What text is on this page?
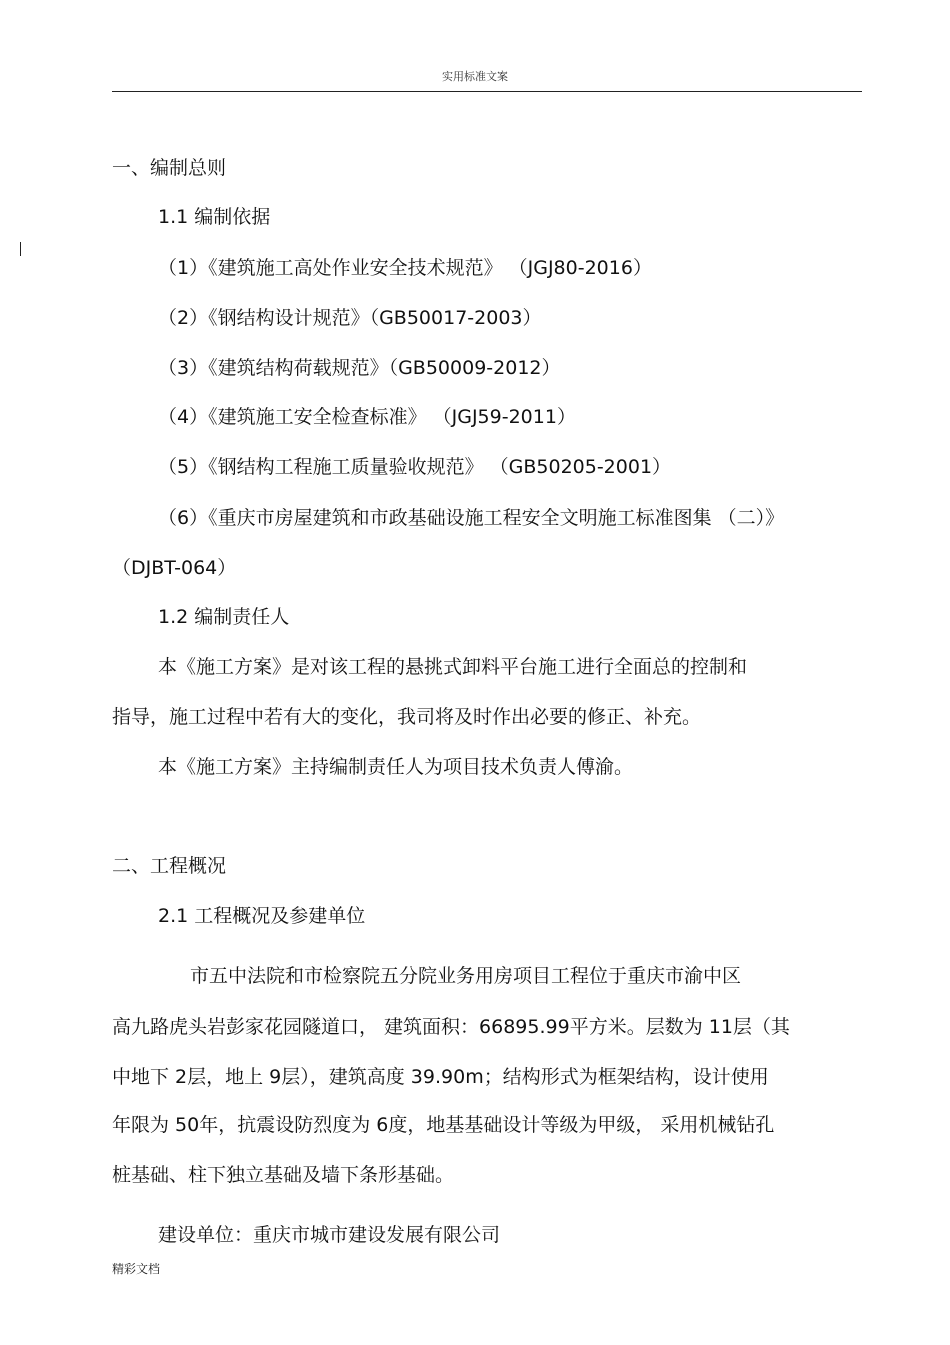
实用标准文案
一、编制总则
1.1 编制依据
（1）《建筑施工高处作业安全技术规范》 （JGJ80-2016）
（2）《钢结构设计规范》（GB50017-2003）
（3）《建筑结构荷载规范》（GB50009-2012）
（4）《建筑施工安全检查标准》 （JGJ59-2011）
（5）《钢结构工程施工质量验收规范》 （GB50205-2001）
（6）《重庆市房屋建筑和市政基础设施工程安全文明施工标准图集 （二）》
（DJBT-064）
1.2 编制责任人
本《施工方案》是对该工程的悬挑式卸料平台施工进行全面总的控制和
指导，施工过程中若有大的变化，我司将及时作出必要的修正、补充。
本《施工方案》主持编制责任人为项目技术负责人傅渝。
二、工程概况
2.1 工程概况及参建单位
市五中法院和市检察院五分院业务用房项目工程位于重庆市渝中区
高九路虎头岩彭家花园隧道口， 建筑面积：66895.99平方米。层数为 11层（其
中地下 2层，地上 9层），建筑高度 39.90m；结构形式为框架结构，设计使用
年限为 50年，抗震设防烈度为 6度，地基基础设计等级为甲级， 采用机械钻孔
桩基础、柱下独立基础及墙下条形基础。
建设单位：重庆市城市建设发展有限公司
精彩文档
